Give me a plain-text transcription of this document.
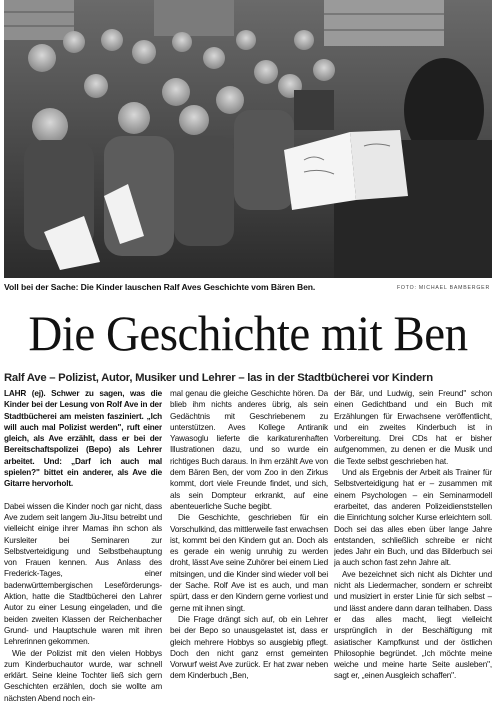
Voll bei der Sache: Die Kinder lauschen Ralf Aves Geschichte vom Bären Ben.	FOTO: MICHAEL BAMBERGER
Die Geschichte mit Ben
Ralf Ave – Polizist, Autor, Musiker und Lehrer – las in der Stadtbücherei vor Kindern

LAHR (ej). Schwer zu sagen, was die Kinder bei der Lesung von Rolf Ave in der Stadtbücherei am meisten fasziniert. „Ich will auch mal Polizist werden", ruft einer gleich, als Ave erzählt, dass er bei der Bereitschaftspolizei (Bepo) als Lehrer arbeitet. Und: „Darf ich auch mal spielen?" bittet ein anderer, als Ave die Gitarre hervorholt.

Dabei wissen die Kinder noch gar nicht, dass Ave zudem seit langem Jiu-Jitsu betreibt und vielleicht einige ihrer Mamas ihn schon als Kursleiter bei Seminaren zur Selbstverteidigung und Selbstbehauptung von Frauen kennen. Aus Anlass des Frederick-Tages, einer badenwürttembergischen Leseförderungs-Aktion, hatte die Stadtbücherei den Lahrer Autor zu einer Lesung eingeladen, und die beiden zweiten Klassen der Reichenbacher Grund- und Hauptschule waren mit ihren Lehrerinnen gekommen.

Wie der Polizist mit den vielen Hobbys zum Kinderbuchautor wurde, war schnell erklärt. Seine kleine Tochter ließ sich gern Geschichten erzählen, doch sie wollte am nächsten Abend noch ein-

mal genau die gleiche Geschichte hören. Da blieb ihm nichts anderes übrig, als sein Gedächtnis mit Geschriebenem zu unterstützen. Aves Kollege Antiranik Yawasoglu lieferte die karikaturenhaften Illustrationen dazu, und so wurde ein richtiges Buch daraus. In ihm erzählt Ave von dem Bären Ben, der vom Zoo in den Zirkus kommt, dort viele Freunde findet, und sich, als sein Dompteur erkrankt, auf eine abenteuerliche Suche begibt.

Die Geschichte, geschrieben für ein Vorschulkind, das mittlerweile fast erwachsen ist, kommt bei den Kindern gut an. Doch als es gerade ein wenig unruhig zu werden droht, lässt Ave seine Zuhörer bei einem Lied mitsingen, und die Kinder sind wieder voll bei der Sache. Rolf Ave ist es auch, und man spürt, dass er den Kindern gerne vorliest und gerne mit ihnen singt.

Die Frage drängt sich auf, ob ein Lehrer bei der Bepo so unausgelastet ist, dass er gleich mehrere Hobbys so ausgiebig pflegt. Doch den nicht ganz ernst gemeinten Vorwurf weist Ave zurück. Er hat zwar neben dem Kinderbuch „Ben,

der Bär, und Ludwig, sein Freund" schon einen Gedichtband und ein Buch mit Erzählungen für Erwachsene veröffentlicht, und ein zweites Kinderbuch ist in Vorbereitung. Drei CDs hat er bisher aufgenommen, zu denen er die Musik und die Texte selbst geschrieben hat.

Und als Ergebnis der Arbeit als Trainer für Selbstverteidigung hat er – zusammen mit einem Psychologen – ein Seminarmodell erarbeitet, das anderen Polizeidienststellen die Einrichtung solcher Kurse erleichtern soll. Doch sei das alles eben über lange Jahre entstanden, schließlich schreibe er nicht jedes Jahr ein Buch, und das Bilderbuch sei ja auch schon fast zehn Jahre alt.

Ave bezeichnet sich nicht als Dichter und nicht als Liedermacher, sondern er schreibt und musiziert in erster Linie für sich selbst – und lässt andere dann daran teilhaben. Dass er das alles macht, liegt vielleicht ursprünglich in der Beschäftigung mit asiatischer Kampfkunst und der östlichen Philosophie begründet. „Ich möchte meine weiche und meine harte Seite ausleben", sagt er, „einen Ausgleich schaffen".
